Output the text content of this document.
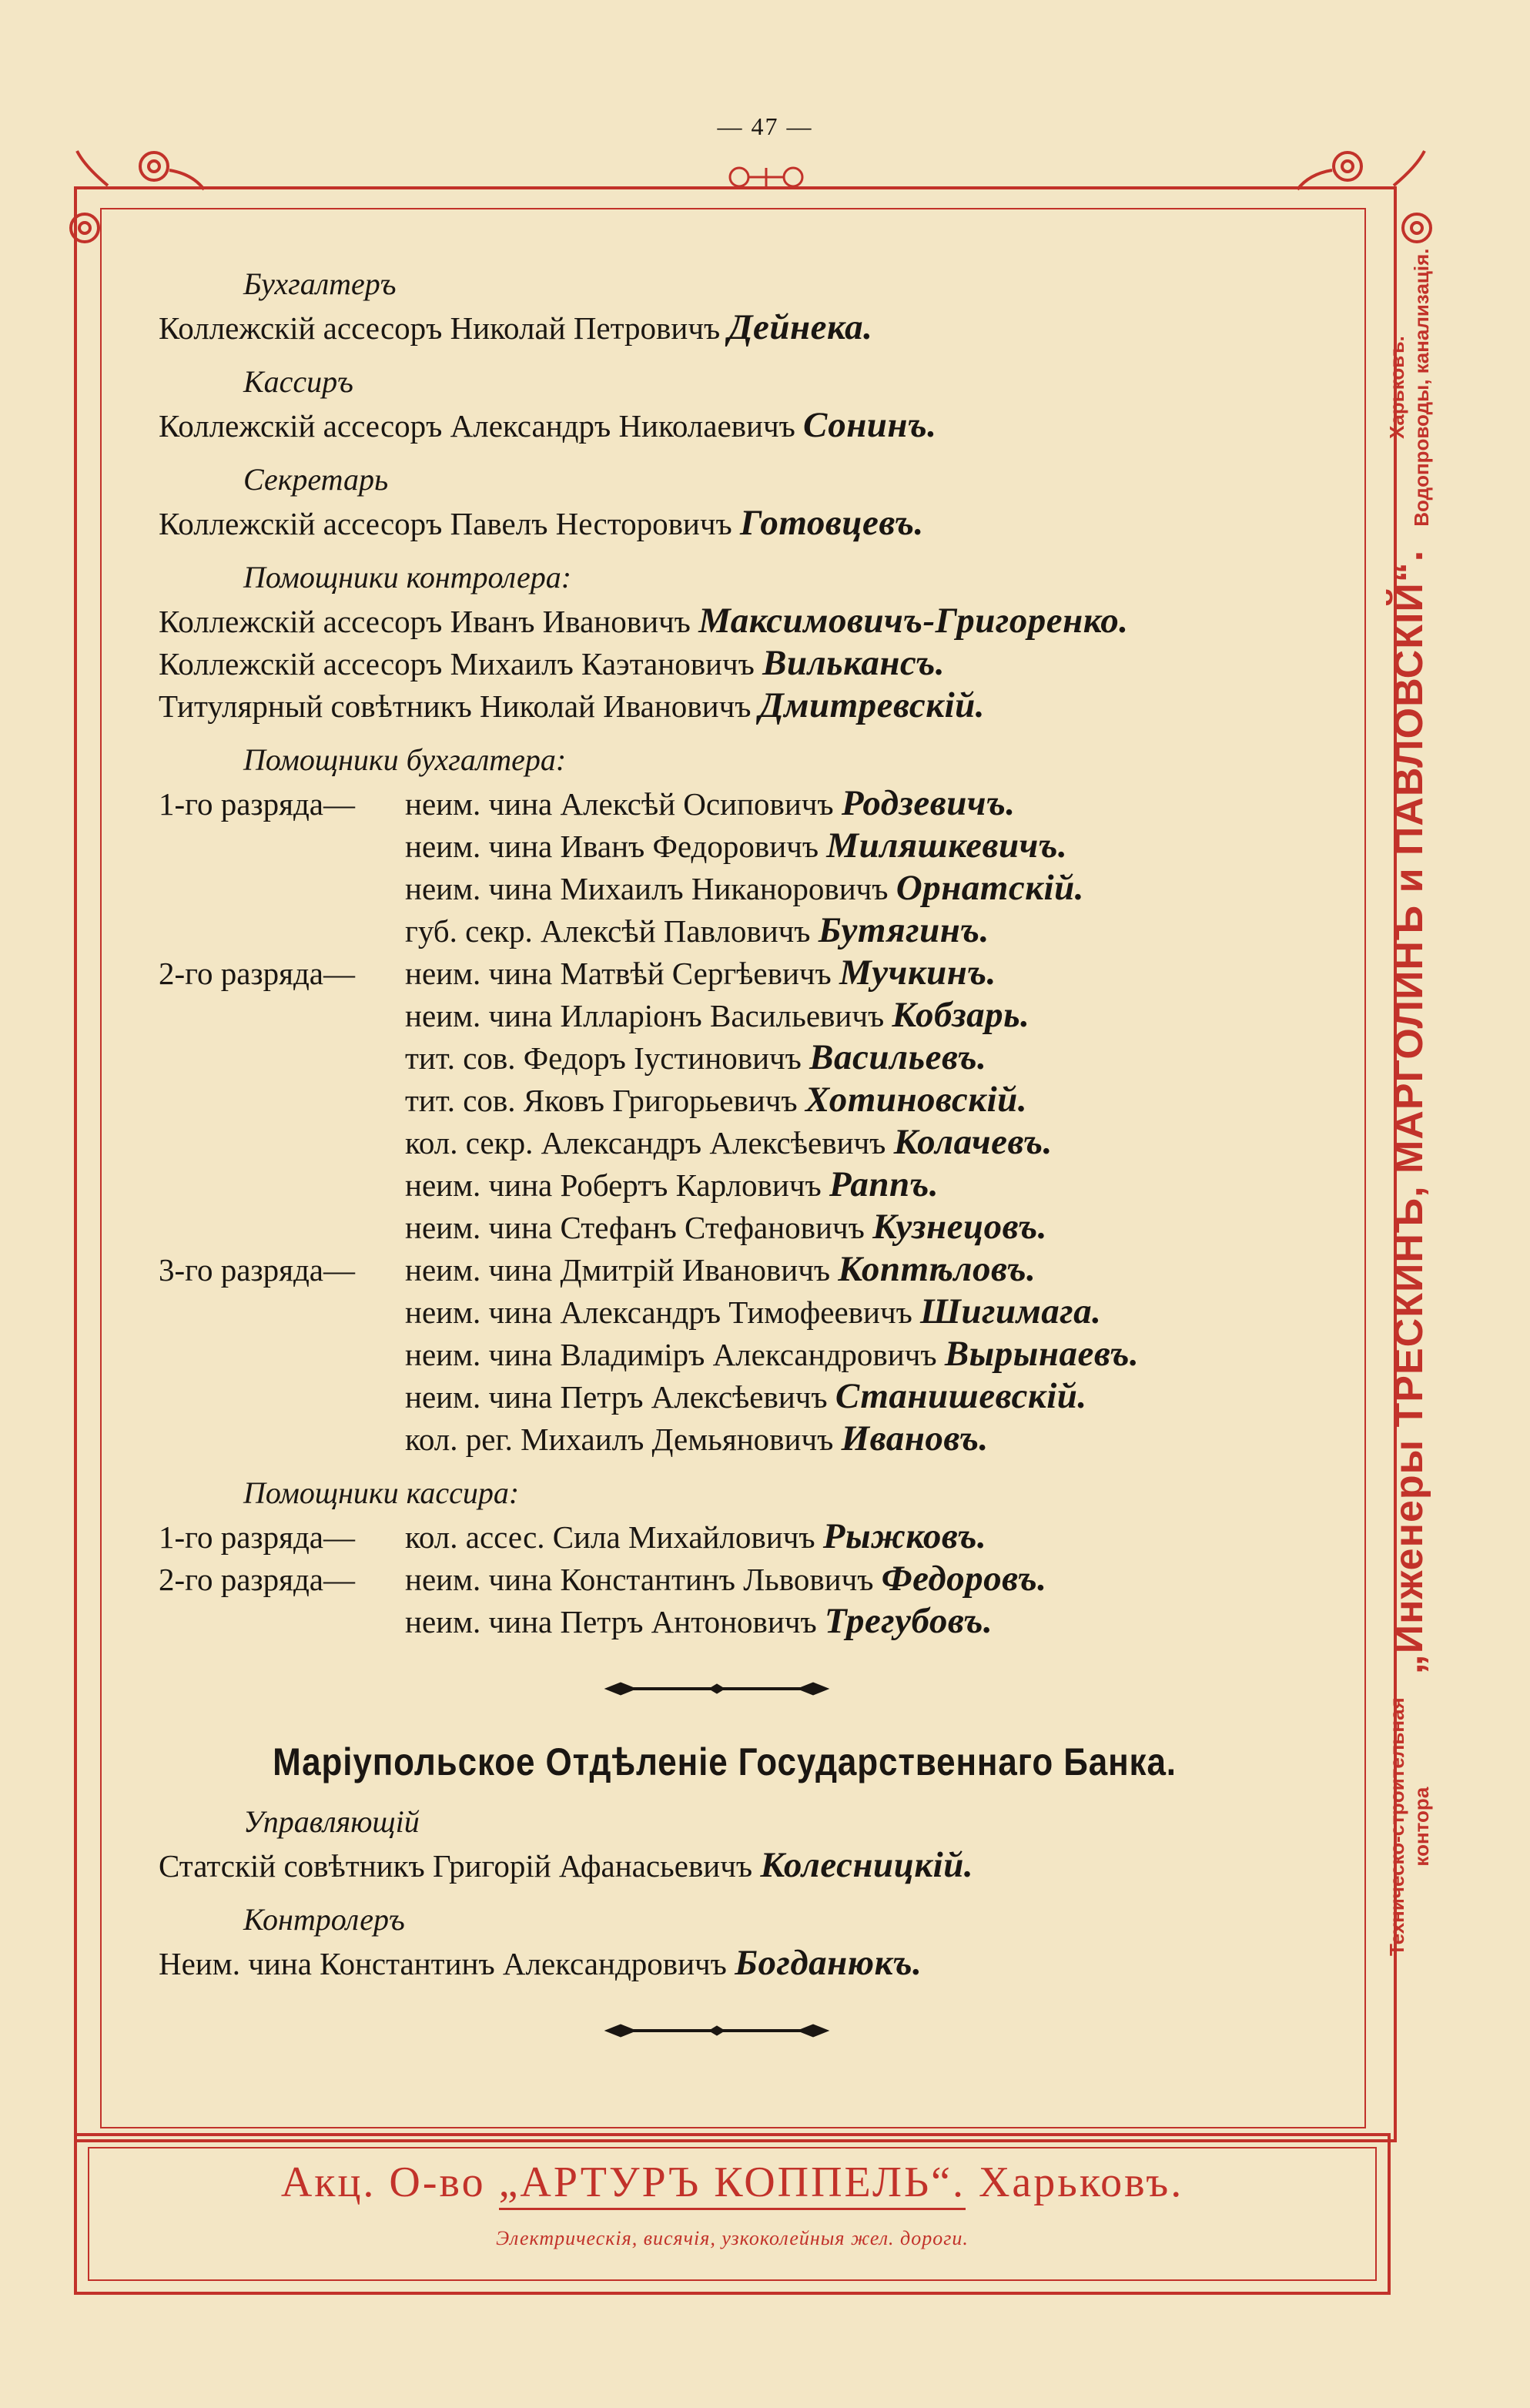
— 47 —
Бухгалтеръ
Коллежскій ассесоръ Николай Петровичъ Дейнека.
Кассиръ
Коллежскій ассесоръ Александръ Николаевичъ Сонинъ.
Секретарь
Коллежскій ассесоръ Павелъ Несторовичъ Готовцевъ.
Помощники контролера:
Коллежскій ассесоръ Иванъ Ивановичъ Максимовичъ-Григоренко.
Коллежскій ассесоръ Михаилъ Каэтановичъ Вилькансъ.
Титулярный совѣтникъ Николай Ивановичъ Дмитревскій.
Помощники бухгалтера:
1-го разряда— неим. чина Алексѣй Осиповичъ Родзевичъ.
неим. чина Иванъ Федоровичъ Миляшкевичъ.
неим. чина Михаилъ Никаноровичъ Орнатскій.
губ. секр. Алексѣй Павловичъ Бутягинъ.
2-го разряда— неим. чина Матвѣй Сергѣевичъ Мучкинъ.
неим. чина Илларіонъ Васильевичъ Кобзарь.
тит. сов. Федоръ Іустиновичъ Васильевъ.
тит. сов. Яковъ Григорьевичъ Хотиновскій.
кол. секр. Александръ Алексѣевичъ Колачевъ.
неим. чина Робертъ Карловичъ Раппъ.
неим. чина Стефанъ Стефановичъ Кузнецовъ.
3-го разряда— неим. чина Дмитрій Ивановичъ Коптѣловъ.
неим. чина Александръ Тимофеевичъ Шигимага.
неим. чина Владиміръ Александровичъ Вырынаевъ.
неим. чина Петръ Алексѣевичъ Станишевскій.
кол. рег. Михаилъ Демьяновичъ Ивановъ.
Помощники кассира:
1-го разряда— кол. ассес. Сила Михайловичъ Рыжковъ.
2-го разряда— неим. чина Константинъ Львовичъ Федоровъ.
неим. чина Петръ Антоновичъ Трегубовъ.
Маріупольское Отдѣленіе Государственнаго Банка.
Управляющій
Статскій совѣтникъ Григорій Афанасьевичъ Колесницкій.
Контролеръ
Неим. чина Константинъ Александровичъ Богданюкъ.
Техническо-строительная контора
„Инженеры ТРЕСКИНЪ, МАРГОЛИНЪ и ПАВЛОВСКІЙ“.
Харьковъ. Водопроводы, канализація.
Акц. О-во „АРТУРЪ КОППЕЛЬ“. Харьковъ.
Электрическія, висячія, узкоколейныя жел. дороги.
